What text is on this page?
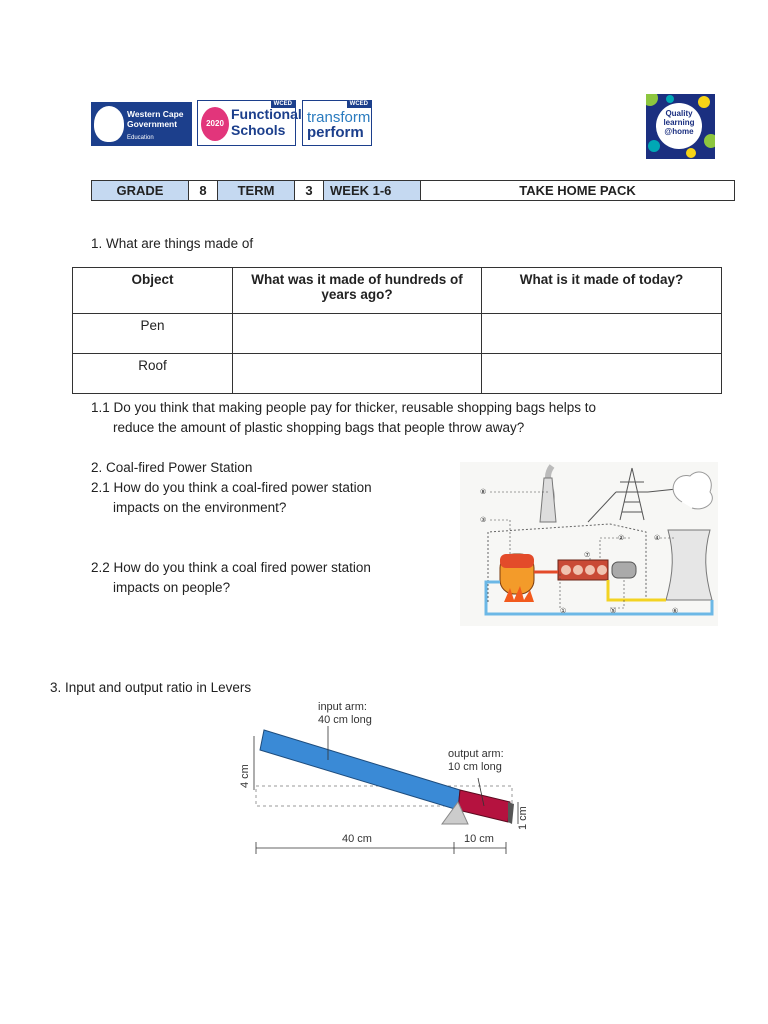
Western Cape
Government
Education
WCED
2020
Functional
Schools
WCED
transform
perform
Quality
learning
@home
GRADE	8	TERM	3	WEEK 1-6	TAKE HOME PACK
1. What are things made of
Object	What was it made of hundreds of years ago?	What is it made of today?
Pen		
Roof		
1.1 Do you think that making people pay for thicker, reusable shopping bags helps to
reduce the amount of plastic shopping bags that people throw away?
2. Coal-fired Power Station
2.1 How do you think a coal-fired power station
impacts on the environment?
2.2 How do you think a coal fired power station
impacts on people?
⑧
③
⑦
②	④
⑤
①	⑥
3. Input and output ratio in Levers
input arm:
40 cm long
output arm:
10 cm long
4 cm
1 cm
40 cm	10 cm
